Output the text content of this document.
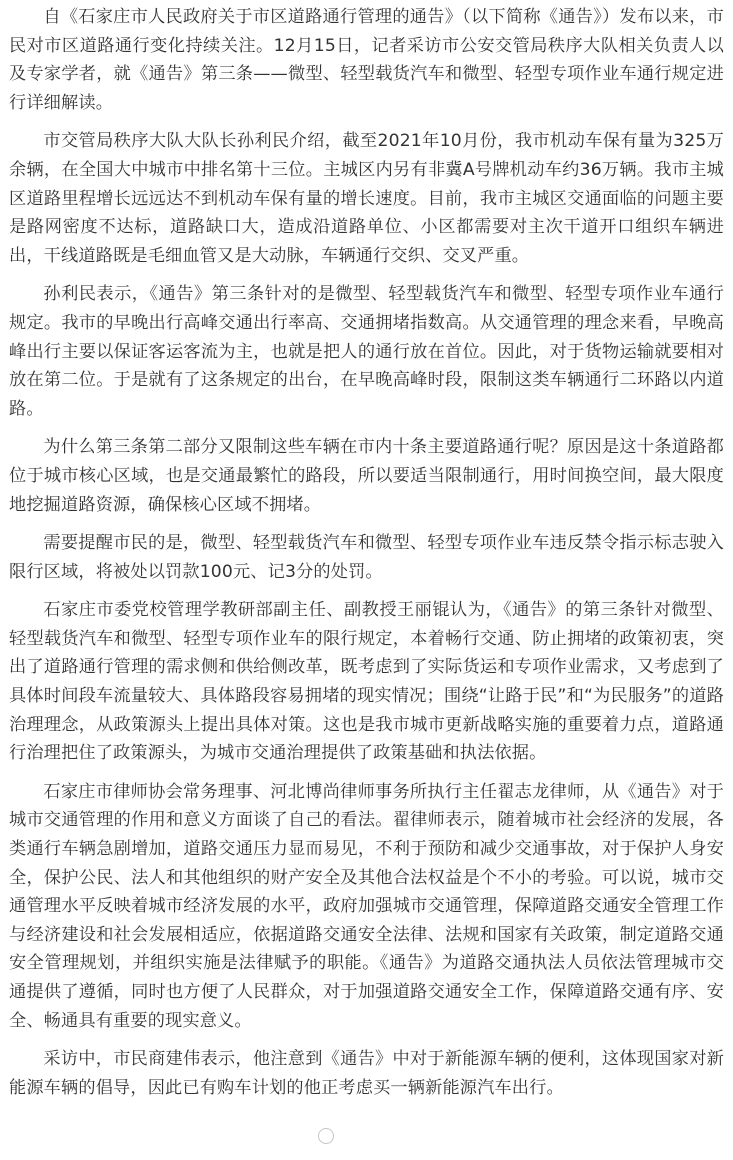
自《石家庄市人民政府关于市区道路通行管理的通告》（以下简称《通告》）发布以来，市民对市区道路通行变化持续关注。12月15日，记者采访市公安交管局秩序大队相关负责人以及专家学者，就《通告》第三条——微型、轻型载货汽车和微型、轻型专项作业车通行规定进行详细解读。

市交管局秩序大队大队长孙利民介绍，截至2021年10月份，我市机动车保有量为325万余辆，在全国大中城市中排名第十三位。主城区内另有非冀A号牌机动车约36万辆。我市主城区道路里程增长远远达不到机动车保有量的增长速度。目前，我市主城区交通面临的问题主要是路网密度不达标，道路缺口大，造成沿道路单位、小区都需要对主次干道开口组织车辆进出，干线道路既是毛细血管又是大动脉，车辆通行交织、交叉严重。

孙利民表示，《通告》第三条针对的是微型、轻型载货汽车和微型、轻型专项作业车通行规定。我市的早晚出行高峰交通出行率高、交通拥堵指数高。从交通管理的理念来看，早晚高峰出行主要以保证客运客流为主，也就是把人的通行放在首位。因此，对于货物运输就要相对放在第二位。于是就有了这条规定的出台，在早晚高峰时段，限制这类车辆通行二环路以内道路。

为什么第三条第二部分又限制这些车辆在市内十条主要道路通行呢？原因是这十条道路都位于城市核心区域，也是交通最繁忙的路段，所以要适当限制通行，用时间换空间，最大限度地挖掘道路资源，确保核心区域不拥堵。

需要提醒市民的是，微型、轻型载货汽车和微型、轻型专项作业车违反禁令指示标志驶入限行区域，将被处以罚款100元、记3分的处罚。

石家庄市委党校管理学教研部副主任、副教授王丽锟认为，《通告》的第三条针对微型、轻型载货汽车和微型、轻型专项作业车的限行规定，本着畅行交通、防止拥堵的政策初衷，突出了道路通行管理的需求侧和供给侧改革，既考虑到了实际货运和专项作业需求，又考虑到了具体时间段车流量较大、具体路段容易拥堵的现实情况；围绕“让路于民”和“为民服务”的道路治理理念，从政策源头上提出具体对策。这也是我市城市更新战略实施的重要着力点，道路通行治理把住了政策源头，为城市交通治理提供了政策基础和执法依据。

石家庄市律师协会常务理事、河北博尚律师事务所执行主任翟志龙律师，从《通告》对于城市交通管理的作用和意义方面谈了自己的看法。翟律师表示，随着城市社会经济的发展，各类通行车辆急剧增加，道路交通压力显而易见，不利于预防和减少交通事故，对于保护人身安全，保护公民、法人和其他组织的财产安全及其他合法权益是个不小的考验。可以说，城市交通管理水平反映着城市经济发展的水平，政府加强城市交通管理，保障道路交通安全管理工作与经济建设和社会发展相适应，依据道路交通安全法律、法规和国家有关政策，制定道路交通安全管理规划，并组织实施是法律赋予的职能。《通告》为道路交通执法人员依法管理城市交通提供了遵循，同时也方便了人民群众，对于加强道路交通安全工作，保障道路交通有序、安全、畅通具有重要的现实意义。

采访中，市民商建伟表示，他注意到《通告》中对于新能源车辆的便利，这体现国家对新能源车辆的倡导，因此已有购车计划的他正考虑买一辆新能源汽车出行。
